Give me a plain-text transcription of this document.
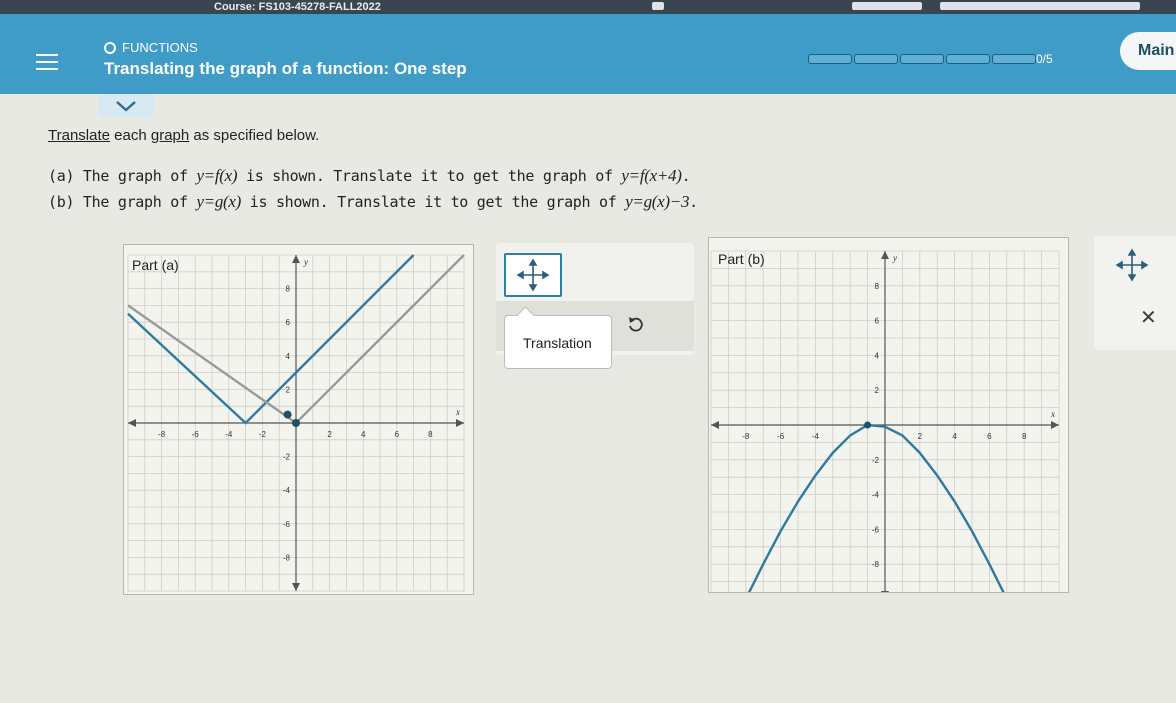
Course: FS103-45278-FALL2022
FUNCTIONS
Translating the graph of a function: One step	0/5	Main
Translate each graph as specified below.
(a) The graph of y=f(x) is shown. Translate it to get the graph of y=f(x+4).
(b) The graph of y=g(x) is shown. Translate it to get the graph of y=g(x)−3.
-8	-6	-4	-2	2	4	6	8
8
6
4
2
-2
-4
-6
-8
x
y
Part (a)
Translation
-8	-6	-4	2	4	6	8
8
6
4
2
-2
-4
-6
-8
x
y
Part (b)
✕
